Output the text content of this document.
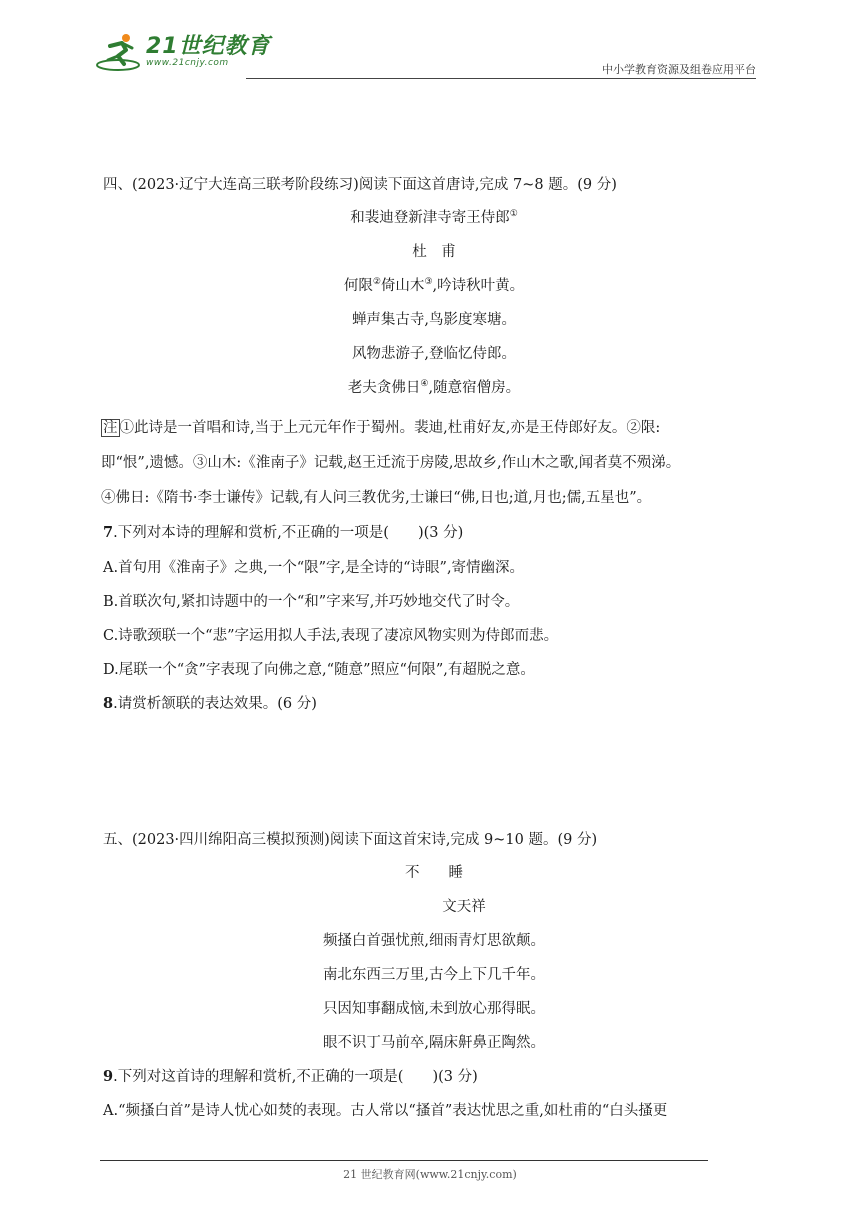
21世纪教育
www.21cnjy.com	中小学教育资源及组卷应用平台
四、(2023·辽宁大连高三联考阶段练习)阅读下面这首唐诗,完成 7~8 题。(9 分)
和裴迪登新津寺寄王侍郎①
杜　甫
何限②倚山木③,吟诗秋叶黄。
蝉声集古寺,鸟影度寒塘。
风物悲游子,登临忆侍郎。
老夫贪佛日④,随意宿僧房。
注 ①此诗是一首唱和诗,当于上元元年作于蜀州。裴迪,杜甫好友,亦是王侍郎好友。②限:
即“恨”,遗憾。③山木:《淮南子》记载,赵王迁流于房陵,思故乡,作山木之歌,闻者莫不殒涕。
④佛日:《隋书·李士谦传》记载,有人问三教优劣,士谦曰“佛,日也;道,月也;儒,五星也”。
7.下列对本诗的理解和赏析,不正确的一项是(　　)(3 分)
A.首句用《淮南子》之典,一个“限”字,是全诗的“诗眼”,寄情幽深。
B.首联次句,紧扣诗题中的一个“和”字来写,并巧妙地交代了时令。
C.诗歌颈联一个“悲”字运用拟人手法,表现了凄凉风物实则为侍郎而悲。
D.尾联一个“贪”字表现了向佛之意,“随意”照应“何限”,有超脱之意。
8.请赏析颔联的表达效果。(6 分)
五、(2023·四川绵阳高三模拟预测)阅读下面这首宋诗,完成 9~10 题。(9 分)
不　　睡
文天祥
频搔白首强忧煎,细雨青灯思欲颠。
南北东西三万里,古今上下几千年。
只因知事翻成恼,未到放心那得眠。
眼不识丁马前卒,隔床鼾鼻正陶然。
9.下列对这首诗的理解和赏析,不正确的一项是(　　)(3 分)
A.“频搔白首”是诗人忧心如焚的表现。古人常以“搔首”表达忧思之重,如杜甫的“白头搔更
21 世纪教育网(www.21cnjy.com)
